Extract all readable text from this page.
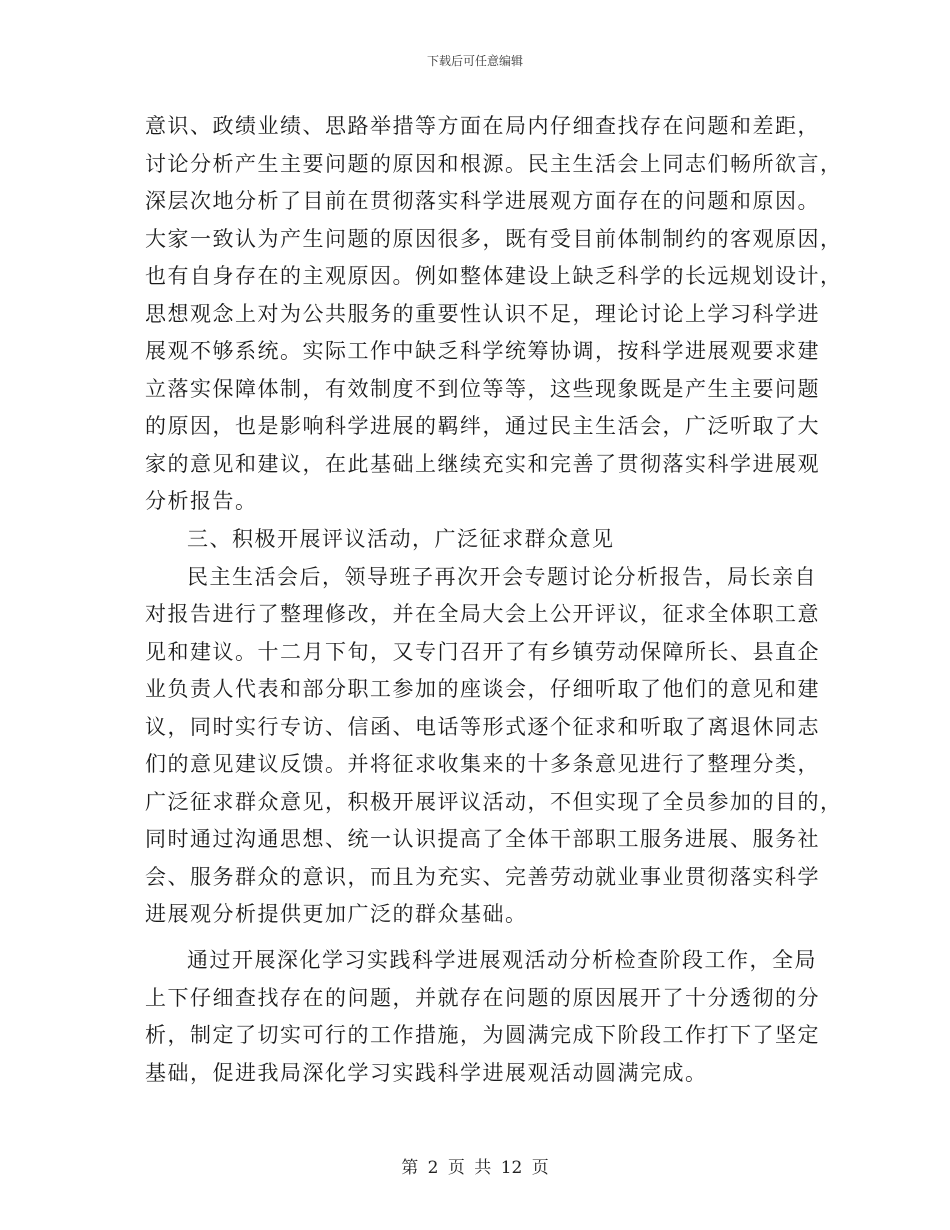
下载后可任意编辑
意识、政绩业绩、思路举措等方面在局内仔细查找存在问题和差距，
讨论分析产生主要问题的原因和根源。民主生活会上同志们畅所欲言，
深层次地分析了目前在贯彻落实科学进展观方面存在的问题和原因。
大家一致认为产生问题的原因很多，既有受目前体制制约的客观原因，
也有自身存在的主观原因。例如整体建设上缺乏科学的长远规划设计，
思想观念上对为公共服务的重要性认识不足，理论讨论上学习科学进
展观不够系统。实际工作中缺乏科学统筹协调，按科学进展观要求建
立落实保障体制，有效制度不到位等等，这些现象既是产生主要问题
的原因，也是影响科学进展的羁绊，通过民主生活会，广泛听取了大
家的意见和建议，在此基础上继续充实和完善了贯彻落实科学进展观
分析报告。
三、积极开展评议活动，广泛征求群众意见
民主生活会后，领导班子再次开会专题讨论分析报告，局长亲自
对报告进行了整理修改，并在全局大会上公开评议，征求全体职工意
见和建议。十二月下旬，又专门召开了有乡镇劳动保障所长、县直企
业负责人代表和部分职工参加的座谈会，仔细听取了他们的意见和建
议，同时实行专访、信函、电话等形式逐个征求和听取了离退休同志
们的意见建议反馈。并将征求收集来的十多条意见进行了整理分类，
广泛征求群众意见，积极开展评议活动，不但实现了全员参加的目的，
同时通过沟通思想、统一认识提高了全体干部职工服务进展、服务社
会、服务群众的意识，而且为充实、完善劳动就业事业贯彻落实科学
进展观分析提供更加广泛的群众基础。
通过开展深化学习实践科学进展观活动分析检查阶段工作，全局
上下仔细查找存在的问题，并就存在问题的原因展开了十分透彻的分
析，制定了切实可行的工作措施，为圆满完成下阶段工作打下了坚定
基础，促进我局深化学习实践科学进展观活动圆满完成。
第 2 页 共 12 页
